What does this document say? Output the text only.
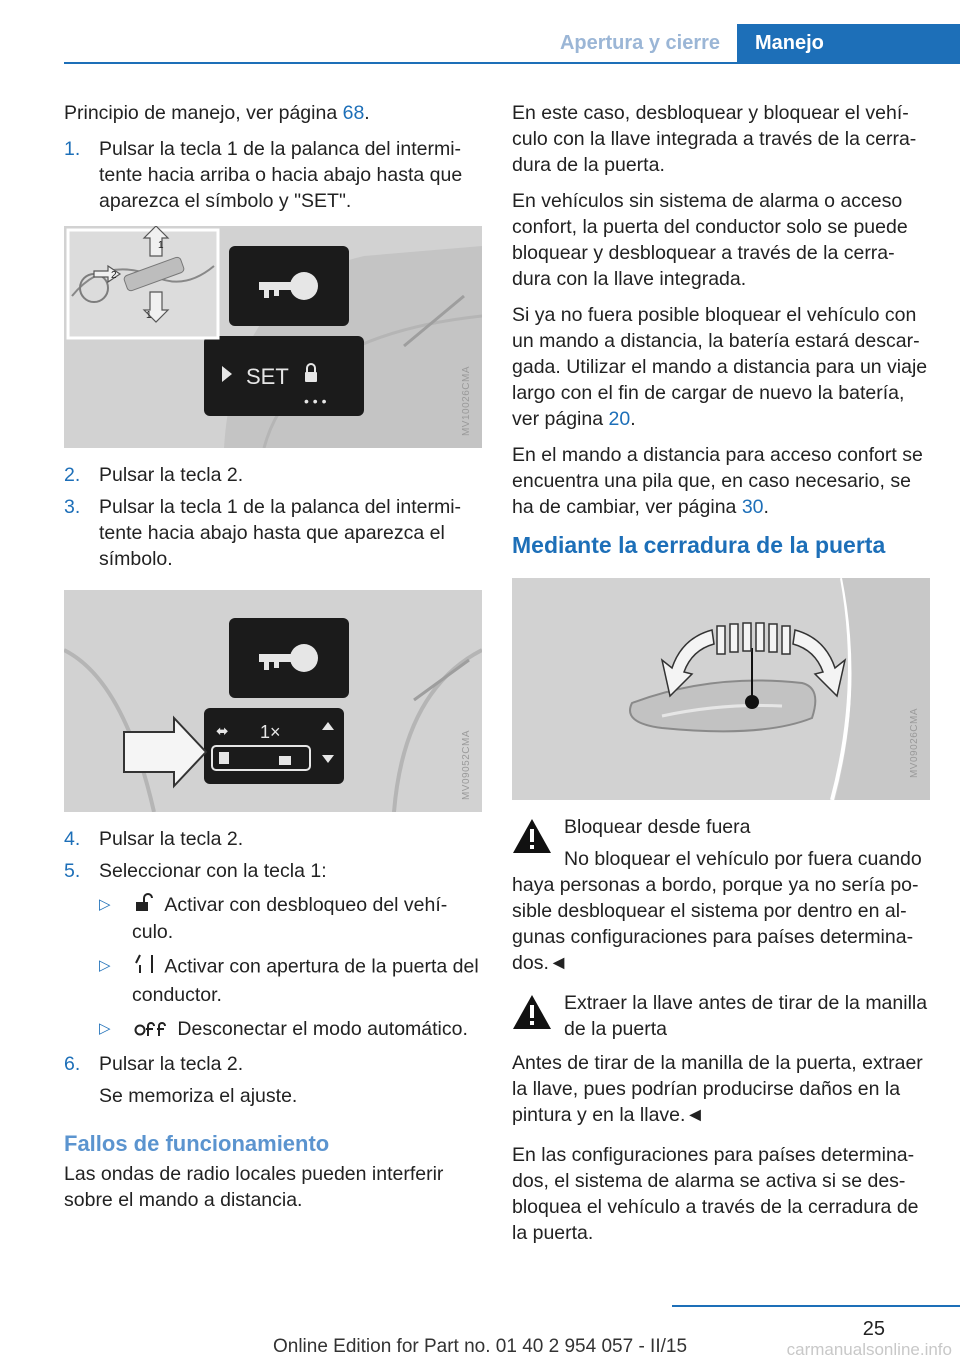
Apertura y cierre	Manejo

Principio de manejo, ver página 68.

1. Pulsar la tecla 1 de la palanca del intermi-tente hacia arriba o hacia abajo hasta que aparezca el símbolo y "SET".
SET
• • •
1
1
2
MV10026CMA
2. Pulsar la tecla 2.
3. Pulsar la tecla 1 de la palanca del intermi-tente hacia abajo hasta que aparezca el símbolo.
⬌ 1×	MV09052CMA
4. Pulsar la tecla 2.
5. Seleccionar con la tecla 1:
▷	Activar con desbloqueo del vehí-culo.
▷	Activar con apertura de la puerta del conductor.
▷	Desconectar el modo automático.
6. Pulsar la tecla 2.

Se memoriza el ajuste.

Fallos de funcionamiento

Las ondas de radio locales pueden interferir sobre el mando a distancia.

En este caso, desbloquear y bloquear el vehí-culo con la llave integrada a través de la cerra-dura de la puerta.

En vehículos sin sistema de alarma o acceso confort, la puerta del conductor solo se puede bloquear y desbloquear a través de la cerra-dura con la llave integrada.

Si ya no fuera posible bloquear el vehículo con un mando a distancia, la batería estará descar-gada. Utilizar el mando a distancia para un viaje largo con el fin de cargar de nuevo la batería, ver página 20.

En el mando a distancia para acceso confort se encuentra una pila que, en caso necesario, se ha de cambiar, ver página 30.

Mediante la cerradura de la puerta
MV09026CMA
Bloquear desde fuera
No bloquear el vehículo por fuera cuando

haya personas a bordo, porque ya no sería po-sible desbloquear el sistema por dentro en al-gunas configuraciones para países determina-dos.◄

Extraer la llave antes de tirar de la manilla de la puerta

Antes de tirar de la manilla de la puerta, extraer la llave, pues podrían producirse daños en la pintura y en la llave.◄

En las configuraciones para países determina-dos, el sistema de alarma se activa si se des-bloquea el vehículo a través de la cerradura de la puerta.

25
Online Edition for Part no. 01 40 2 954 057 - II/15	carmanualsonline.info
